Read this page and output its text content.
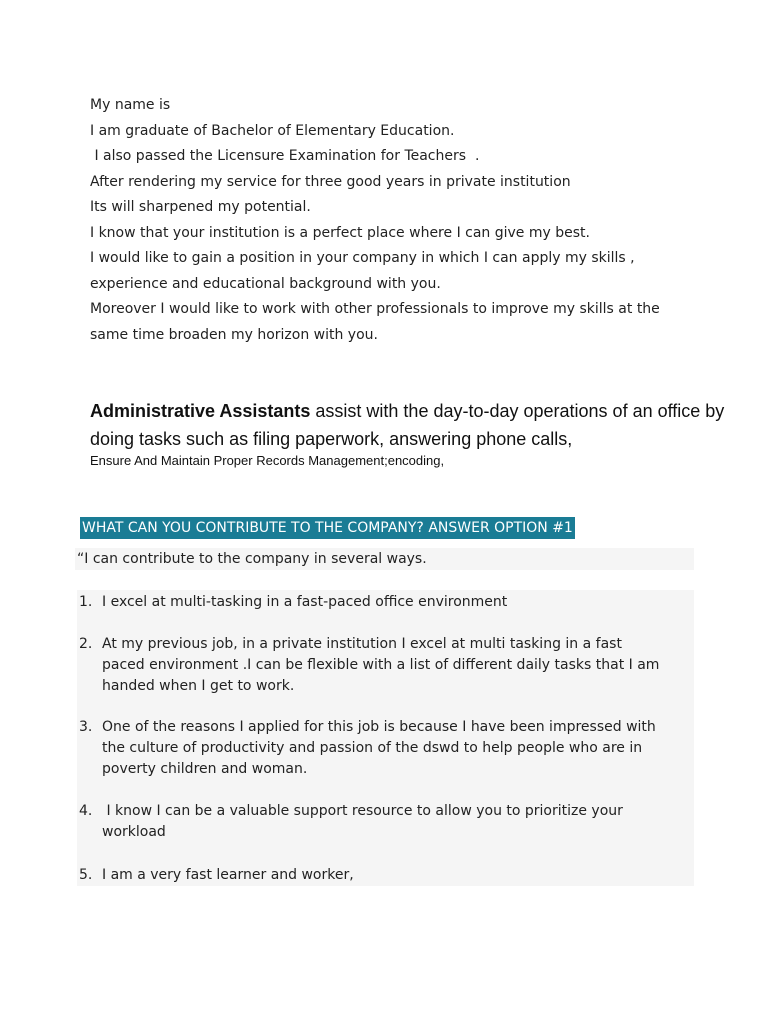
My name is
I am graduate of Bachelor of Elementary Education.
I also passed the Licensure Examination for Teachers  .
After rendering my service for three good years in private institution
Its will sharpened my potential.
I know that your institution is a perfect place where I can give my best.
I would like to gain a position in your company in which I can apply my skills ,
experience and educational background with you.
Moreover I would like to work with other professionals to improve my skills at the
same time broaden my horizon with you.
Administrative Assistants assist with the day-to-day operations of an office by doing tasks such as filing paperwork, answering phone calls,
Ensure And Maintain Proper Records Management;encoding,
WHAT CAN YOU CONTRIBUTE TO THE COMPANY? ANSWER OPTION #1
“I can contribute to the company in several ways.
1. I excel at multi-tasking in a fast-paced office environment
2. At my previous job, in a private institution I excel at multi tasking in a fast paced environment .I can be flexible with a list of different daily tasks that I am handed when I get to work.
3. One of the reasons I applied for this job is because I have been impressed with the culture of productivity and passion of the dswd to help people who are in poverty children and woman.
4. I know I can be a valuable support resource to allow you to prioritize your workload
5. I am a very fast learner and worker,
